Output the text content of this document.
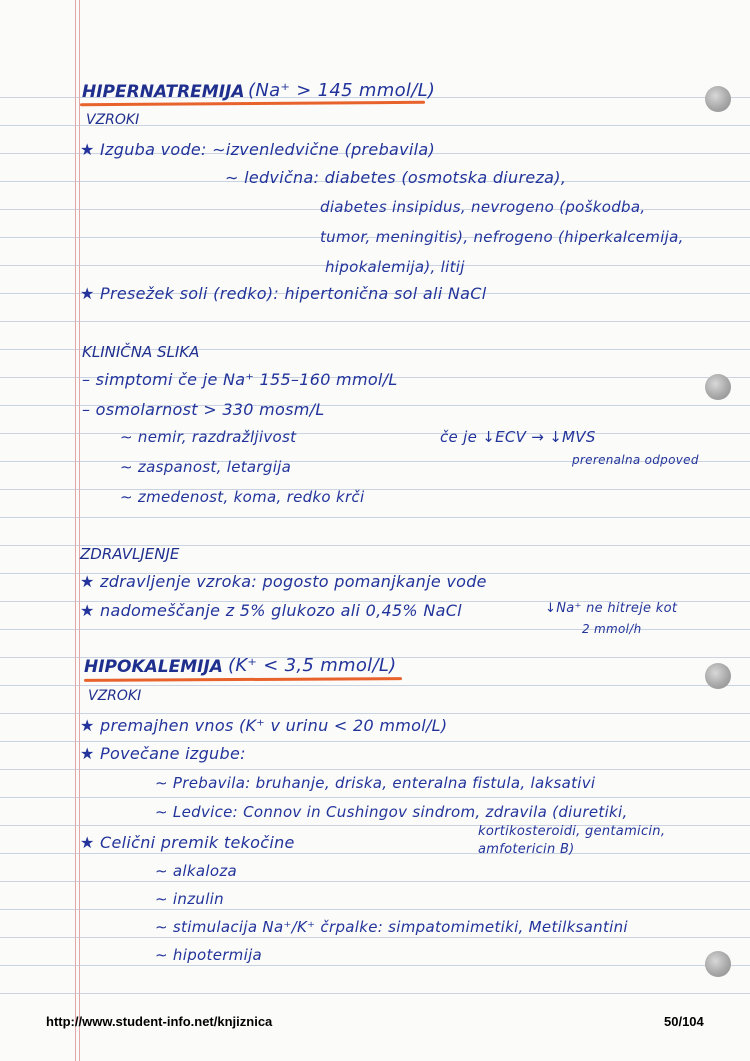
HIPERNATREMIJA (Na⁺ > 145 mmol/L)
VZROKI
★ Izguba vode: ∼izvenledvične (prebavila)
∼ ledvična: diabetes (osmotska diureza),
diabetes insipidus, nevrogeno (poškodba,
tumor, meningitis), nefrogeno (hiperkalcemija,
hipokalemija), litij
★ Presežek soli (redko): hipertonična sol ali NaCl
KLINIČNA SLIKA
– simptomi če je Na⁺ 155–160 mmol/L
– osmolarnost > 330 mosm/L
∼ nemir, razdražljivost
∼ zaspanost, letargija
∼ zmedenost, koma, redko krči
če je ↓ECV → ↓MVS
prerenalna odpoved
ZDRAVLJENJE
★ zdravljenje vzroka: pogosto pomanjkanje vode
★ nadomeščanje z 5% glukozo ali 0,45% NaCl	↓Na⁺ ne hitreje kot
2 mmol/h
HIPOKALEMIJA (K⁺ < 3,5 mmol/L)
VZROKI
★ premajhen vnos (K⁺ v urinu < 20 mmol/L)
★ Povečane izgube:
∼ Prebavila: bruhanje, driska, enteralna fistula, laksativi
∼ Ledvice: Connov in Cushingov sindrom, zdravila (diuretiki,
kortikosteroidi, gentamicin,
amfotericin B)
★ Celični premik tekočine
∼ alkaloza
∼ inzulin
∼ stimulacija Na⁺/K⁺ črpalke: simpatomimetiki, Metilksantini
∼ hipotermija
http://www.student-info.net/knjiznica	50/104
